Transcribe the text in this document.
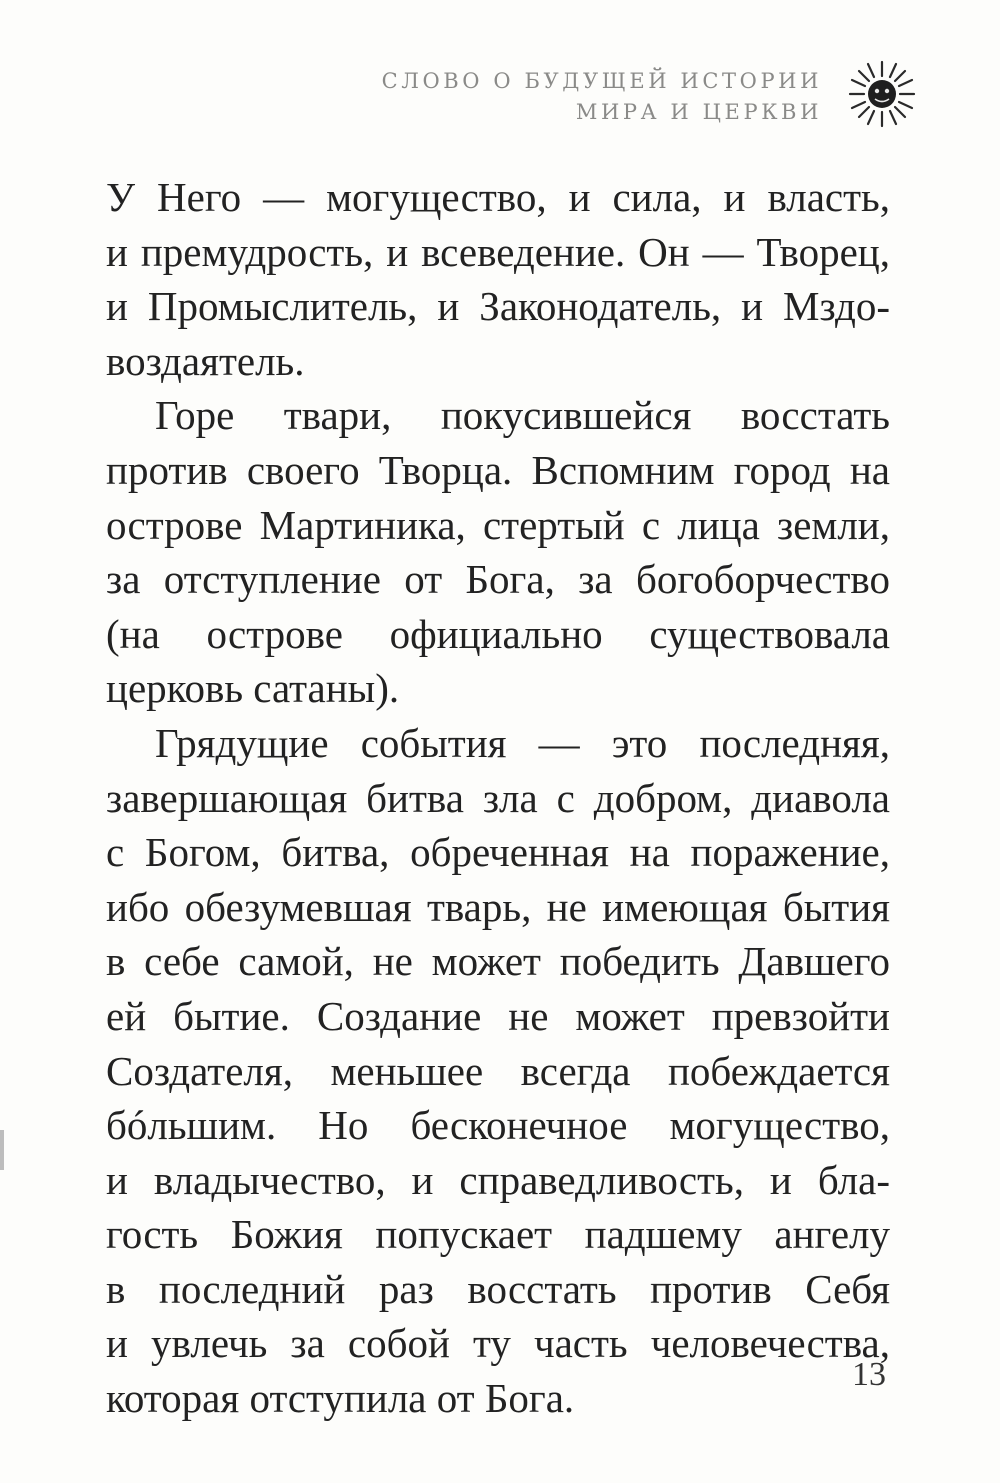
СЛОВО О БУДУЩЕЙ ИСТОРИИ
МИРА И ЦЕРКВИ
У Него — могущество, и сила, и власть,
и премудрость, и всеведение. Он — Творец,
и Промыслитель, и Законодатель, и Мздо-
воздаятель.
Горе твари, покусившейся восстать
против своего Творца. Вспомним город на
острове Мартиника, стертый с лица земли,
за отступление от Бога, за богоборчество
(на острове официально существовала
церковь сатаны).
Грядущие события — это последняя,
завершающая битва зла с добром, диавола
с Богом, битва, обреченная на поражение,
ибо обезумевшая тварь, не имеющая бытия
в себе самой, не может победить Давшего
ей бытие. Создание не может превзойти
Создателя, меньшее всегда побеждается
бóльшим. Но бесконечное могущество,
и владычество, и справедливость, и бла-
гость Божия попускает падшему ангелу
в последний раз восстать против Себя
и увлечь за собой ту часть человечества,
которая отступила от Бога.
13
